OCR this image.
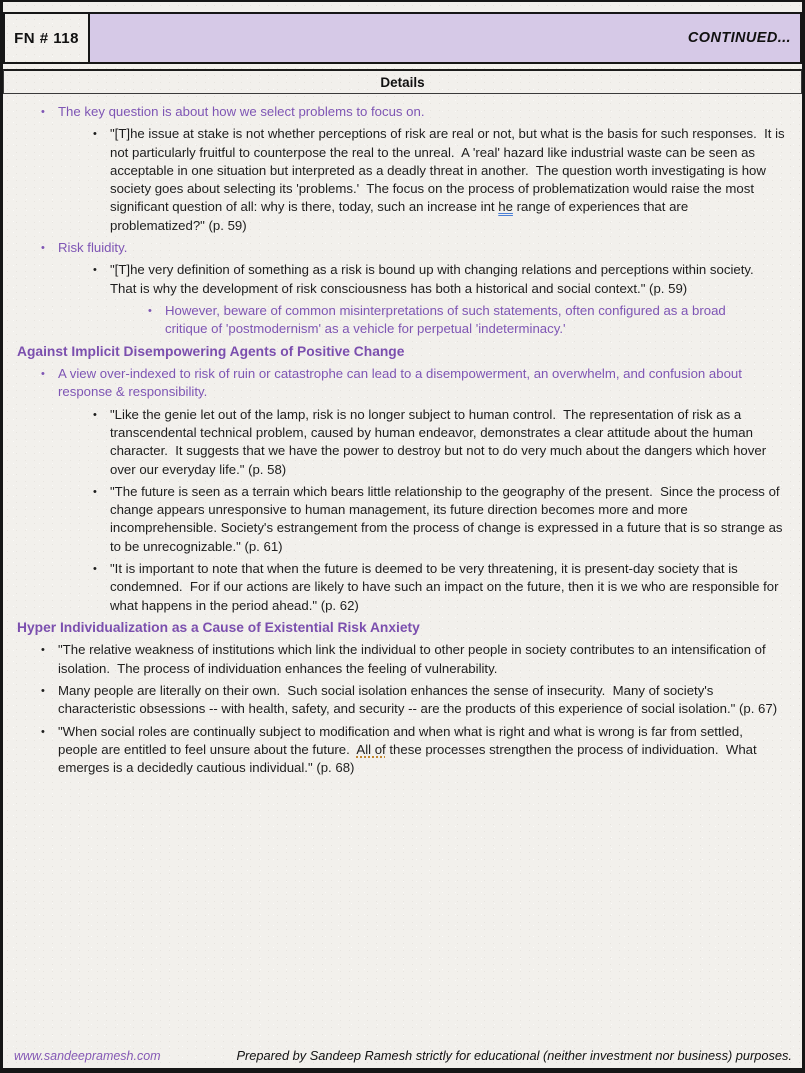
FN # 118	CONTINUED...
Details
• The key question is about how we select problems to focus on.
• "[T]he issue at stake is not whether perceptions of risk are real or not, but what is the basis for such responses.  It is not particularly fruitful to counterpose the real to the unreal.  A 'real' hazard like industrial waste can be seen as acceptable in one situation but interpreted as a deadly threat in another.  The question worth investigating is how society goes about selecting its 'problems.'  The focus on the process of problematization would raise the most significant question of all: why is there, today, such an increase int he range of experiences that are problematized?" (p. 59)
• Risk fluidity.
• "[T]he very definition of something as a risk is bound up with changing relations and perceptions within society.  That is why the development of risk consciousness has both a historical and social context." (p. 59)
• However, beware of common misinterpretations of such statements, often configured as a broad critique of 'postmodernism' as a vehicle for perpetual 'indeterminacy.'
Against Implicit Disempowering Agents of Positive Change
• A view over-indexed to risk of ruin or catastrophe can lead to a disempowerment, an overwhelm, and confusion about response & responsibility.
• "Like the genie let out of the lamp, risk is no longer subject to human control.  The representation of risk as a transcendental technical problem, caused by human endeavor, demonstrates a clear attitude about the human character.  It suggests that we have the power to destroy but not to do very much about the dangers which hover over our everyday life." (p. 58)
• "The future is seen as a terrain which bears little relationship to the geography of the present.  Since the process of change appears unresponsive to human management, its future direction becomes more and more incomprehensible. Society's estrangement from the process of change is expressed in a future that is so strange as to be unrecognizable." (p. 61)
• "It is important to note that when the future is deemed to be very threatening, it is present-day society that is condemned.  For if our actions are likely to have such an impact on the future, then it is we who are responsible for what happens in the period ahead." (p. 62)
Hyper Individualization as a Cause of Existential Risk Anxiety
• "The relative weakness of institutions which link the individual to other people in society contributes to an intensification of isolation.  The process of individuation enhances the feeling of vulnerability.
• Many people are literally on their own.  Such social isolation enhances the sense of insecurity.  Many of society's characteristic obsessions -- with health, safety, and security -- are the products of this experience of social isolation." (p. 67)
• "When social roles are continually subject to modification and when what is right and what is wrong is far from settled, people are entitled to feel unsure about the future.  All of these processes strengthen the process of individuation.  What emerges is a decidedly cautious individual." (p. 68)
www.sandeepramesh.com	Prepared by Sandeep Ramesh strictly for educational (neither investment nor business) purposes.
